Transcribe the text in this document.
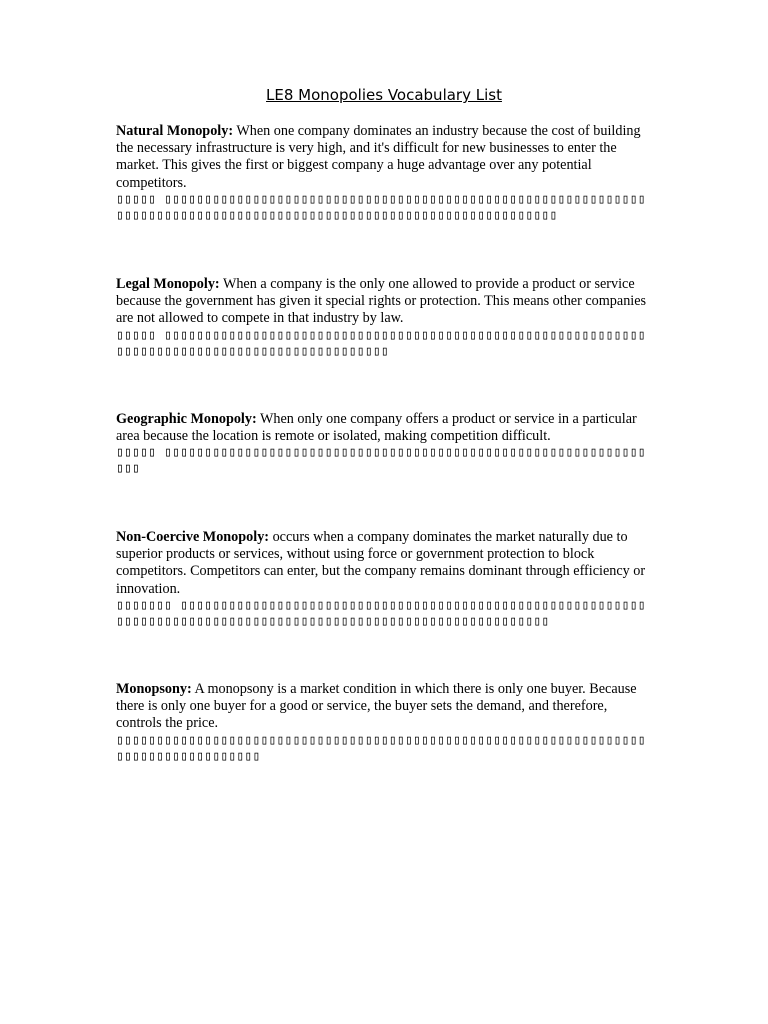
LE8 Monopolies Vocabulary List

Natural Monopoly: When one company dominates an industry because the cost of building the necessary infrastructure is very high, and it's difficult for new businesses to enter the market. This gives the first or biggest company a huge advantage over any potential competitors.

▯▯▯▯▯ ▯▯▯▯▯▯▯▯▯▯▯▯▯▯▯▯▯▯▯▯▯▯▯▯▯▯▯▯▯▯▯▯▯▯▯▯▯▯▯▯▯▯▯▯▯▯▯▯▯▯▯▯▯▯▯▯▯▯▯▯▯▯▯▯▯▯▯▯▯▯▯▯▯▯▯▯▯▯▯▯▯▯▯▯▯▯▯▯▯▯▯▯▯▯▯▯▯▯▯▯▯▯▯▯▯▯▯▯▯▯▯▯▯▯▯

Legal Monopoly: When a company is the only one allowed to provide a product or service because the government has given it special rights or protection. This means other companies are not allowed to compete in that industry by law.

▯▯▯▯▯ ▯▯▯▯▯▯▯▯▯▯▯▯▯▯▯▯▯▯▯▯▯▯▯▯▯▯▯▯▯▯▯▯▯▯▯▯▯▯▯▯▯▯▯▯▯▯▯▯▯▯▯▯▯▯▯▯▯▯▯▯▯▯▯▯▯▯▯▯▯▯▯▯▯▯▯▯▯▯▯▯▯▯▯▯▯▯▯▯▯▯▯▯▯▯

Geographic Monopoly: When only one company offers a product or service in a particular area because the location is remote or isolated, making competition difficult.

▯▯▯▯▯ ▯▯▯▯▯▯▯▯▯▯▯▯▯▯▯▯▯▯▯▯▯▯▯▯▯▯▯▯▯▯▯▯▯▯▯▯▯▯▯▯▯▯▯▯▯▯▯▯▯▯▯▯▯▯▯▯▯▯▯▯▯▯▯

Non-Coercive Monopoly: occurs when a company dominates the market naturally due to superior products or services, without using force or government protection to block competitors. Competitors can enter, but the company remains dominant through efficiency or innovation.

▯▯▯▯▯▯▯ ▯▯▯▯▯▯▯▯▯▯▯▯▯▯▯▯▯▯▯▯▯▯▯▯▯▯▯▯▯▯▯▯▯▯▯▯▯▯▯▯▯▯▯▯▯▯▯▯▯▯▯▯▯▯▯▯▯▯▯▯▯▯▯▯▯▯▯▯▯▯▯▯▯▯▯▯▯▯▯▯▯▯▯▯▯▯▯▯▯▯▯▯▯▯▯▯▯▯▯▯▯▯▯▯▯▯▯▯▯▯▯▯

Monopsony: A monopsony is a market condition in which there is only one buyer. Because there is only one buyer for a good or service, the buyer sets the demand, and therefore, controls the price.

▯▯▯▯▯▯▯▯▯▯▯▯▯▯▯▯▯▯▯▯▯▯▯▯▯▯▯▯▯▯▯▯▯▯▯▯▯▯▯▯▯▯▯▯▯▯▯▯▯▯▯▯▯▯▯▯▯▯▯▯▯▯▯▯▯▯▯▯▯▯▯▯▯▯▯▯▯▯▯▯▯▯▯▯
